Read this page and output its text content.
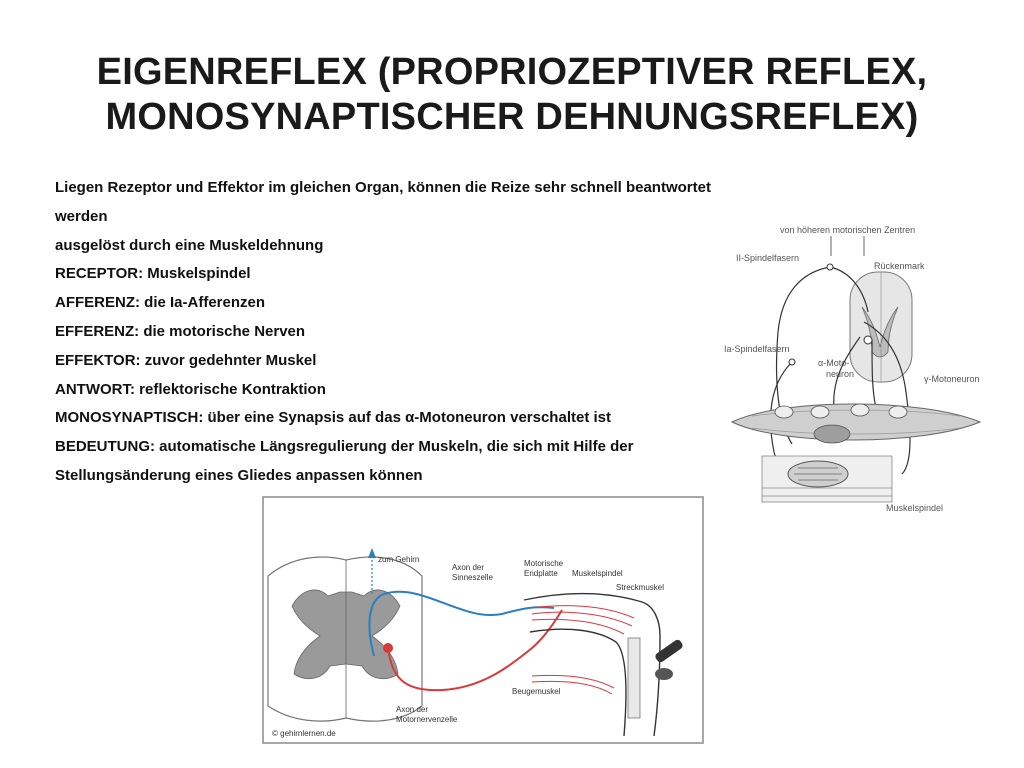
EIGENREFLEX (PROPRIOZEPTIVER REFLEX,
MONOSYNAPTISCHER DEHNUNGSREFLEX)
Liegen Rezeptor und Effektor im gleichen Organ, können die Reize sehr schnell beantwortet
werden
ausgelöst durch eine Muskeldehnung
RECEPTOR: Muskelspindel
AFFERENZ: die Ia-Afferenzen
EFFERENZ: die motorische Nerven
EFFEKTOR: zuvor gedehnter Muskel
ANTWORT: reflektorische Kontraktion
MONOSYNAPTISCH: über eine Synapsis auf das α-Motoneuron verschaltet ist
BEDEUTUNG: automatische Längsregulierung der Muskeln, die sich mit Hilfe der
Stellungsänderung eines Gliedes anpassen können
von höheren motorischen Zentren
II-Spindelfasern
Rückenmark
Ia-Spindelfasern
α-Moto-
neuron	γ-Motoneuron
Muskelspindel
zum Gehirn
Axon der
Sinneszelle
Motorische
Endplatte Muskelspindel
Streckmuskel
Beugemuskel
Axon der
Motornervenzelle
© gehirnlernen.de
